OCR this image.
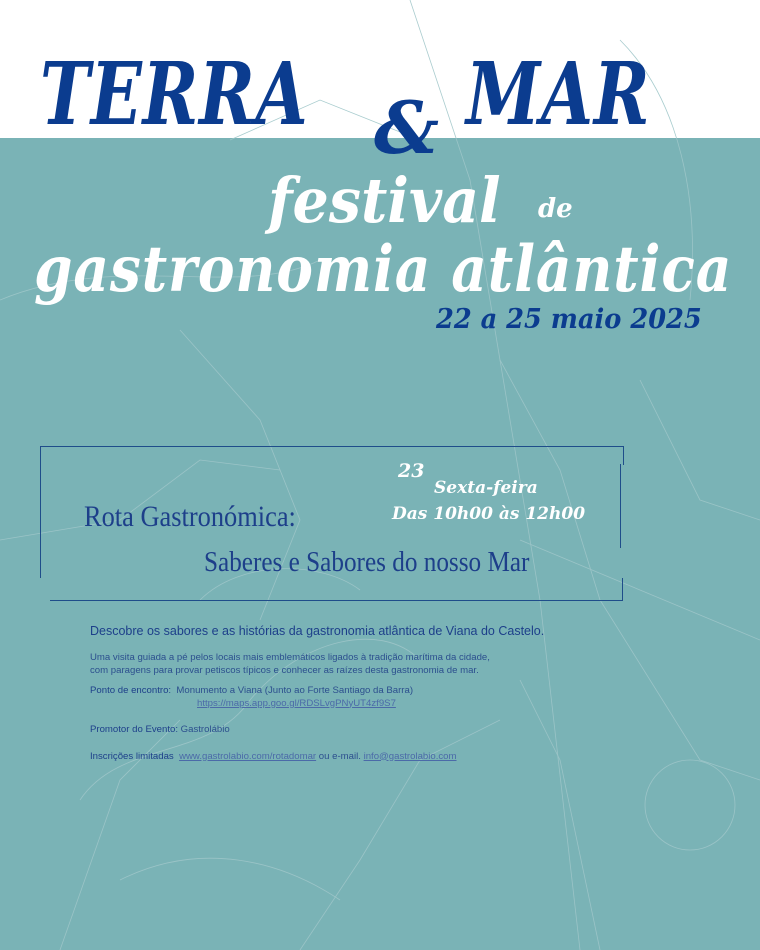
TERRA & MAR
festival de
gastronomia atlântica
22 a 25 maio 2025
23
Sexta-feira
Das 10h00 às 12h00
Rota Gastronómica:
Saberes e Sabores do nosso Mar

Descobre os sabores e as histórias da gastronomia atlântica de Viana do Castelo.

Uma visita guiada a pé pelos locais mais emblemáticos ligados à tradição marítima da cidade,
com paragens para provar petiscos típicos e conhecer as raízes desta gastronomia de mar.

Ponto de encontro: Monumento a Viana (Junto ao Forte Santiago da Barra)
https://maps.app.goo.gl/RDSLvgPNyUT4zf9S7

Promotor do Evento: Gastrolábio

Inscrições limitadas www.gastrolabio.com/rotadomar ou e-mail. info@gastrolabio.com
